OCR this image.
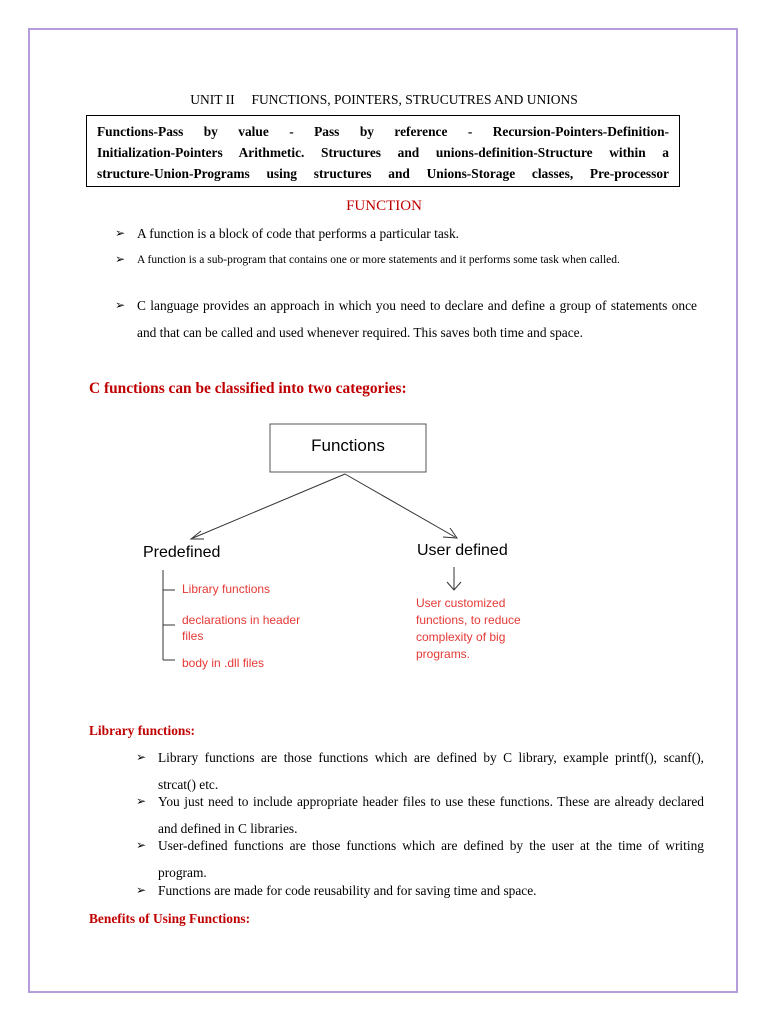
UNIT II     FUNCTIONS, POINTERS, STRUCUTRES AND UNIONS
Functions-Pass by value - Pass by reference - Recursion-Pointers-Definition-
Initialization-Pointers Arithmetic. Structures and unions-definition-Structure within a
structure-Union-Programs using structures and Unions-Storage classes, Pre-processor
FUNCTION
➢ A function is a block of code that performs a particular task.
➢ A function is a sub-program that contains one or more statements and it performs some task when called.
➢ C language provides an approach in which you need to declare and define a group of statements once and that can be called and used whenever required. This saves both time and space.
C functions can be classified into two categories:
Functions
Predefined	User defined
Library functions
declarations in header files
body in .dll files
User customized functions, to reduce complexity of big programs.
Library functions:
➢ Library functions are those functions which are defined by C library, example printf(), scanf(), strcat() etc.
➢ You just need to include appropriate header files to use these functions. These are already declared and defined in C libraries.
➢ User-defined functions are those functions which are defined by the user at the time of writing program.
➢ Functions are made for code reusability and for saving time and space.
Benefits of Using Functions:
